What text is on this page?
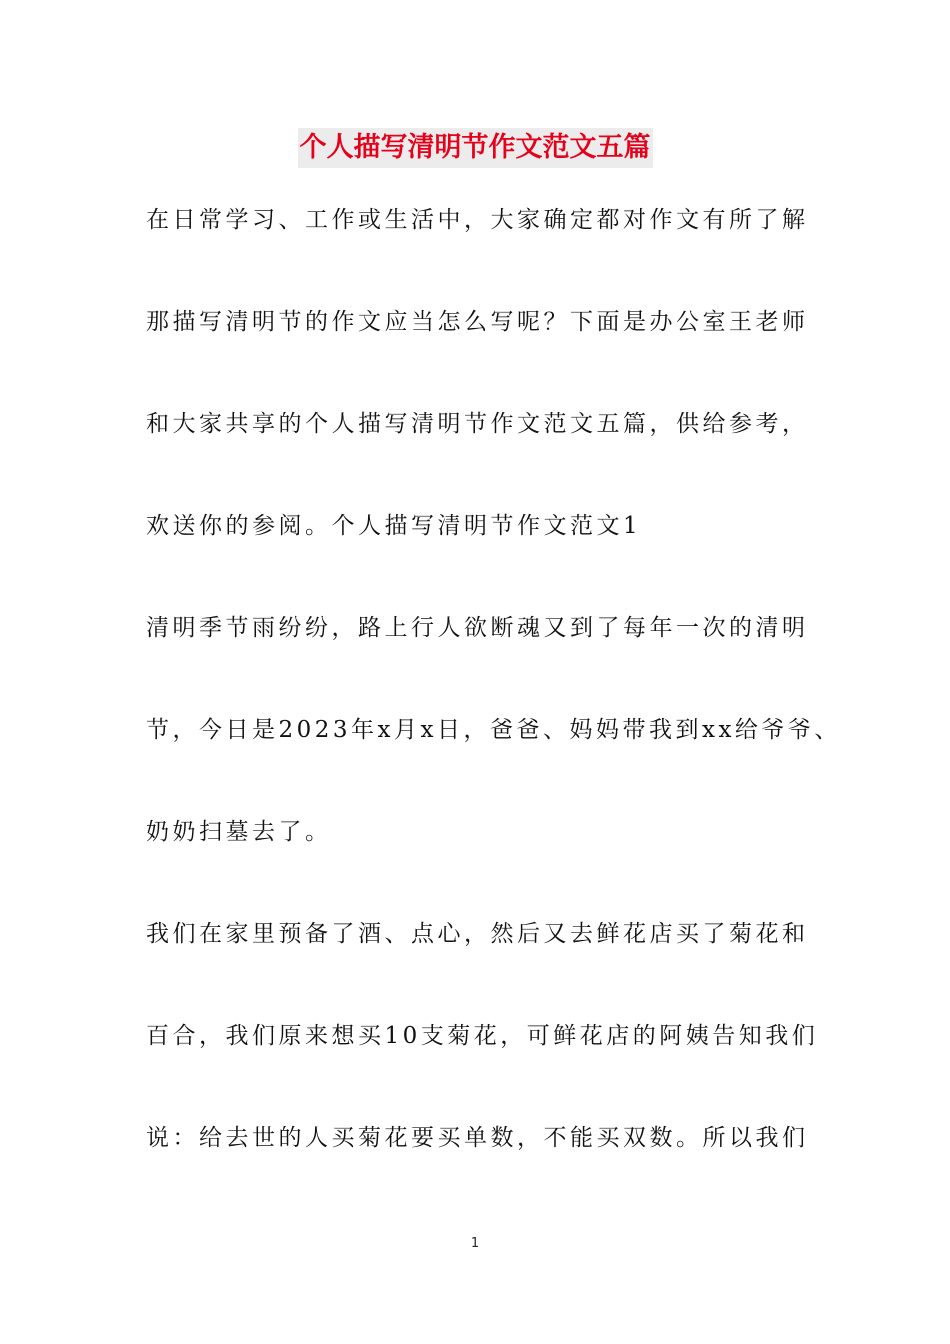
个人描写清明节作文范文五篇
在日常学习、工作或生活中，大家确定都对作文有所了解
那描写清明节的作文应当怎么写呢？下面是办公室王老师
和大家共享的个人描写清明节作文范文五篇，供给参考，
欢送你的参阅。个人描写清明节作文范文1
清明季节雨纷纷，路上行人欲断魂又到了每年一次的清明
节，今日是2023年x月x日，爸爸、妈妈带我到xx给爷爷、
奶奶扫墓去了。
我们在家里预备了酒、点心，然后又去鲜花店买了菊花和
百合，我们原来想买10支菊花，可鲜花店的阿姨告知我们
说：给去世的人买菊花要买单数，不能买双数。所以我们
1
